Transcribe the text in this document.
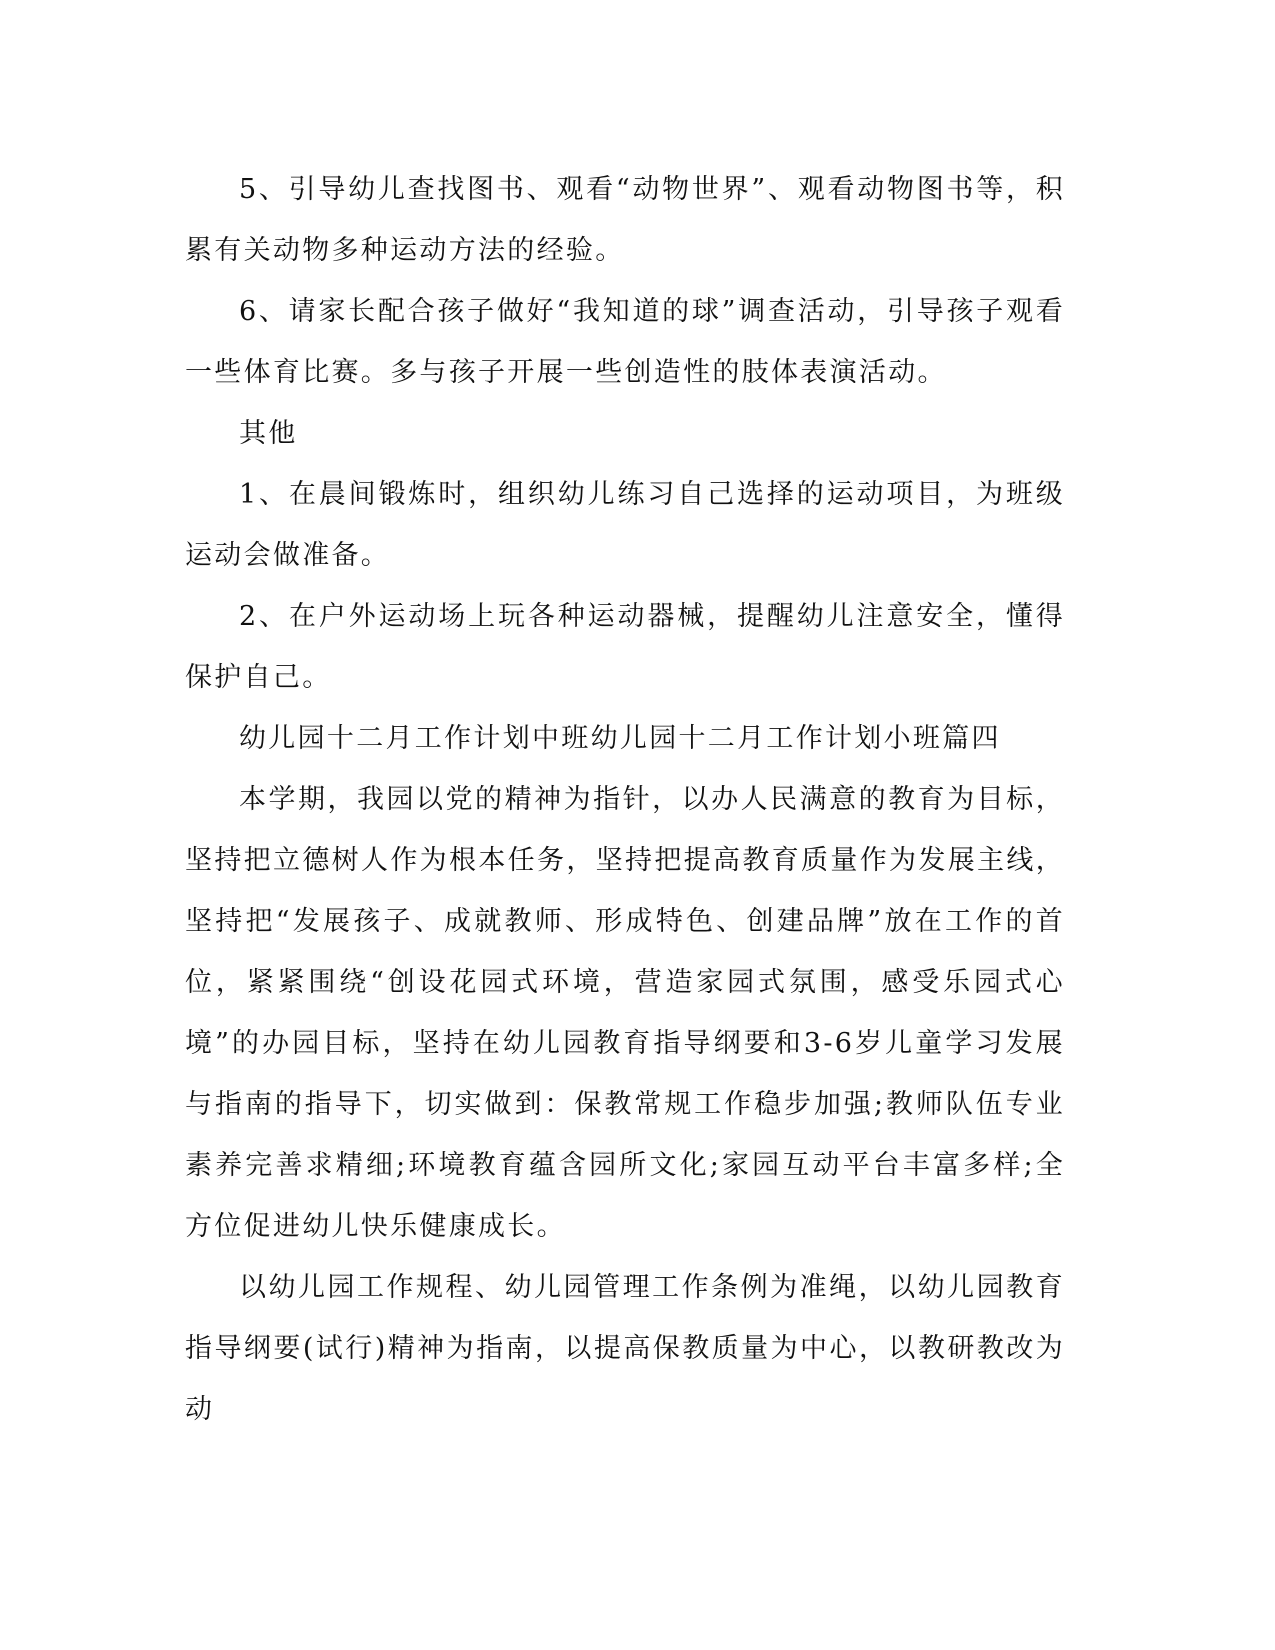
5、引导幼儿查找图书、观看“动物世界”、观看动物图书等，积累有关动物多种运动方法的经验。

6、请家长配合孩子做好“我知道的球”调查活动，引导孩子观看一些体育比赛。多与孩子开展一些创造性的肢体表演活动。

其他

1、在晨间锻炼时，组织幼儿练习自己选择的运动项目，为班级运动会做准备。

2、在户外运动场上玩各种运动器械，提醒幼儿注意安全，懂得保护自己。

幼儿园十二月工作计划中班幼儿园十二月工作计划小班篇四

本学期，我园以党的精神为指针，以办人民满意的教育为目标，坚持把立德树人作为根本任务，坚持把提高教育质量作为发展主线，坚持把“发展孩子、成就教师、形成特色、创建品牌”放在工作的首位，紧紧围绕“创设花园式环境，营造家园式氛围，感受乐园式心境”的办园目标，坚持在幼儿园教育指导纲要和3-6岁儿童学习发展与指南的指导下，切实做到：保教常规工作稳步加强;教师队伍专业素养完善求精细;环境教育蕴含园所文化;家园互动平台丰富多样;全方位促进幼儿快乐健康成长。

以幼儿园工作规程、幼儿园管理工作条例为准绳，以幼儿园教育指导纲要(试行)精神为指南，以提高保教质量为中心，以教研教改为动
